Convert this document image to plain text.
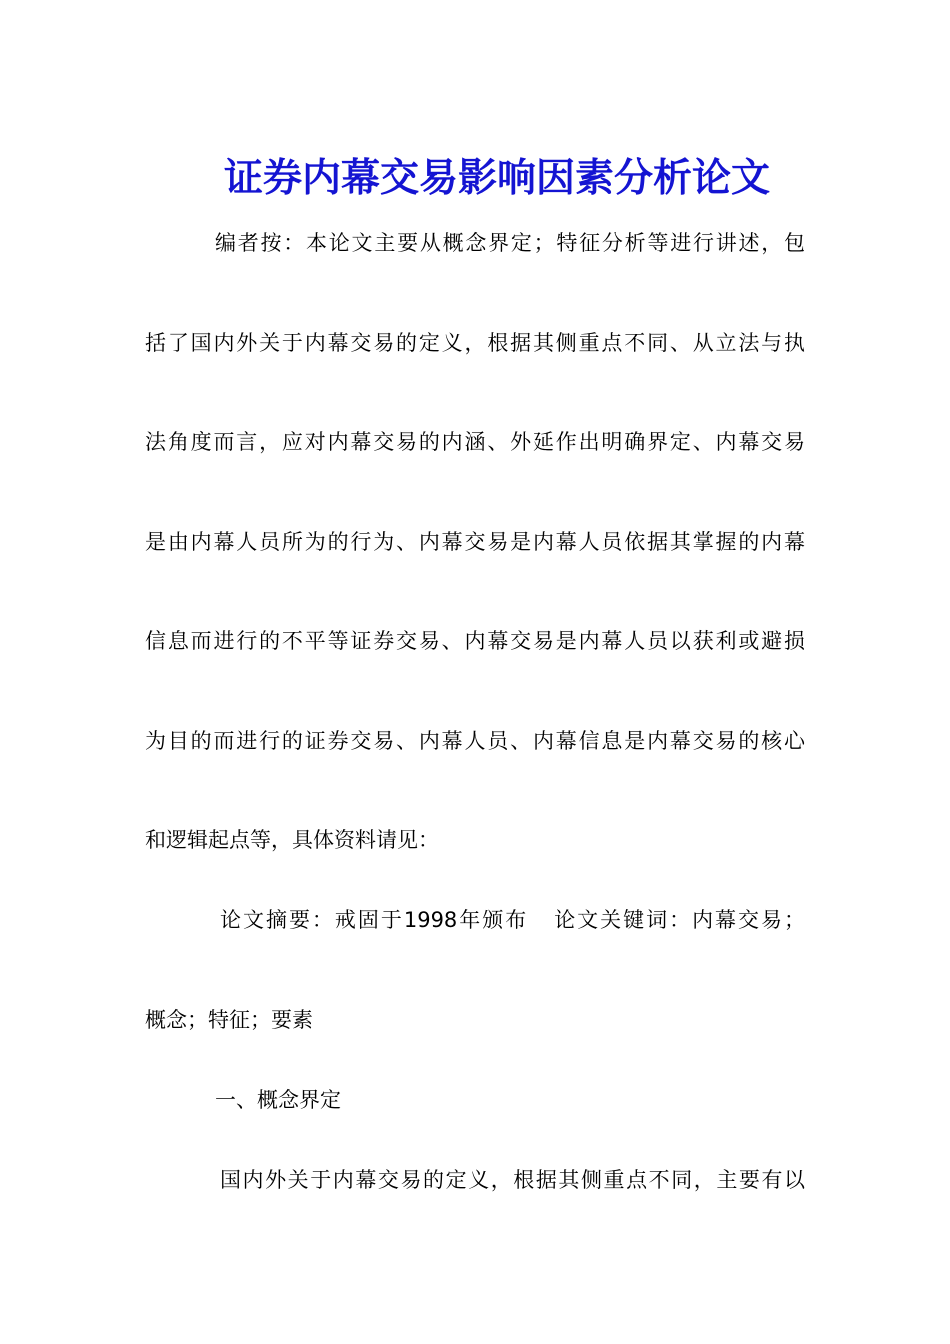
证券内幕交易影响因素分析论文
编者按：本论文主要从概念界定；特征分析等进行讲述，包
括了国内外关于内幕交易的定义，根据其侧重点不同、从立法与执
法角度而言，应对内幕交易的内涵、外延作出明确界定、内幕交易
是由内幕人员所为的行为、内幕交易是内幕人员依据其掌握的内幕
信息而进行的不平等证券交易、内幕交易是内幕人员以获利或避损
为目的而进行的证券交易、内幕人员、内幕信息是内幕交易的核心
和逻辑起点等，具体资料请见：
论文摘要：戒固于1998年颁布 论文关键词：内幕交易；
概念；特征；要素
一、概念界定
国内外关于内幕交易的定义，根据其侧重点不同，主要有以
